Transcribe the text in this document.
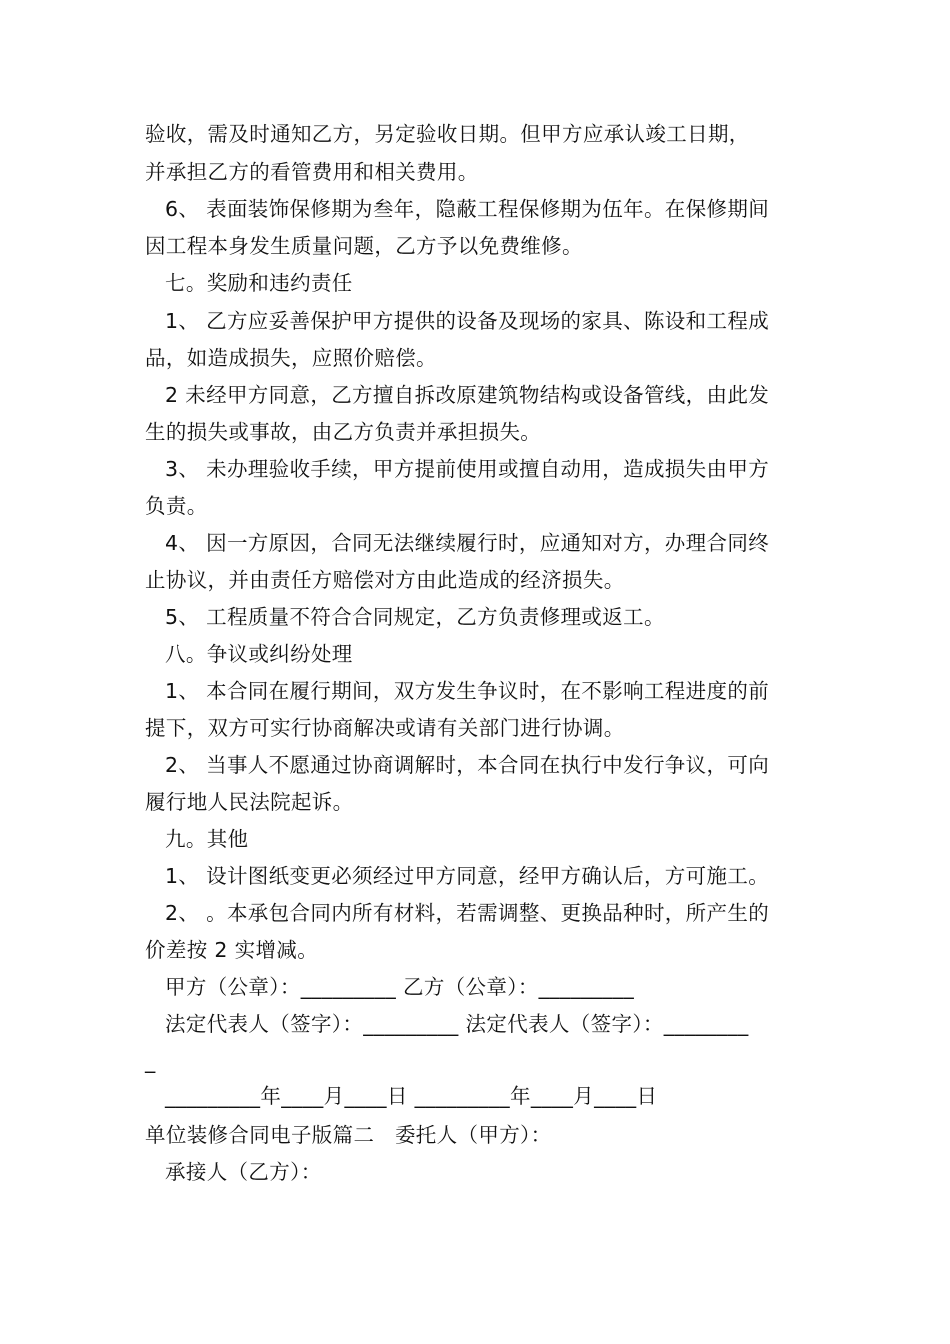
验收，需及时通知乙方，另定验收日期。但甲方应承认竣工日期，
并承担乙方的看管费用和相关费用。
6、 表面装饰保修期为叁年，隐蔽工程保修期为伍年。在保修期间
因工程本身发生质量问题，乙方予以免费维修。
七。奖励和违约责任
1、 乙方应妥善保护甲方提供的设备及现场的家具、陈设和工程成
品，如造成损失，应照价赔偿。
2 未经甲方同意，乙方擅自拆改原建筑物结构或设备管线，由此发
生的损失或事故，由乙方负责并承担损失。
3、 未办理验收手续，甲方提前使用或擅自动用，造成损失由甲方
负责。
4、 因一方原因，合同无法继续履行时，应通知对方，办理合同终
止协议，并由责任方赔偿对方由此造成的经济损失。
5、 工程质量不符合合同规定，乙方负责修理或返工。
八。争议或纠纷处理
1、 本合同在履行期间，双方发生争议时，在不影响工程进度的前
提下，双方可实行协商解决或请有关部门进行协调。
2、 当事人不愿通过协商调解时，本合同在执行中发行争议，可向
履行地人民法院起诉。
九。其他
1、 设计图纸变更必须经过甲方同意，经甲方确认后，方可施工。
2、 。本承包合同内所有材料，若需调整、更换品种时，所产生的
价差按 2 实增减。
甲方（公章）：_________ 乙方（公章）：_________
法定代表人（签字）：_________ 法定代表人（签字）：________
_
_________年____月____日 _________年____月____日
单位装修合同电子版篇二   委托人（甲方）：
承接人（乙方）：
